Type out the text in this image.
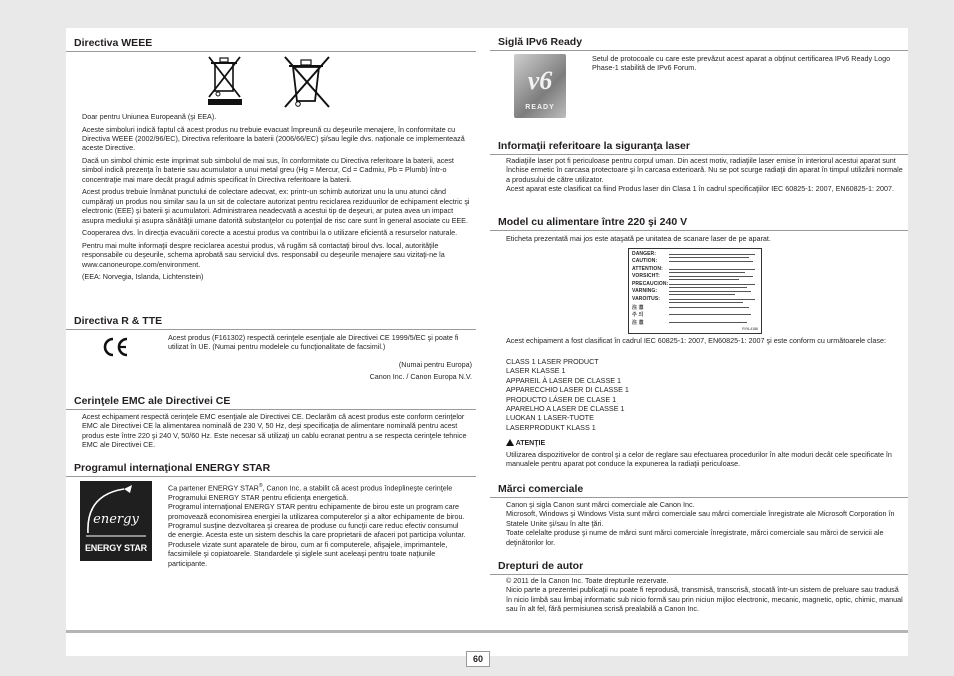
Directiva WEEE

Doar pentru Uniunea Europeană (şi EEA).

Aceste simboluri indică faptul că acest produs nu trebuie evacuat împreună cu deşeurile menajere, în conformitate cu Directiva WEEE (2002/96/EC), Directiva referitoare la baterii (2006/66/EC) şi/sau legile dvs. naţionale ce implementează aceste Directive.

Dacă un simbol chimic este imprimat sub simbolul de mai sus, în conformitate cu Directiva referitoare la baterii, acest simbol indică prezenţa în baterie sau acumulator a unui metal greu (Hg = Mercur, Cd = Cadmiu, Pb = Plumb) într-o concentraţie mai mare decât pragul admis specificat în Directiva referitoare la baterii.

Acest produs trebuie înmânat punctului de colectare adecvat, ex: printr-un schimb autorizat unu la unu atunci când cumpăraţi un produs nou similar sau la un sit de colectare autorizat pentru reciclarea reziduurilor de echipament electric şi electronic (EEE) şi baterii şi acumulatori. Administrarea neadecvată a acestui tip de deşeuri, ar putea avea un impact asupra mediului şi asupra sănătăţii umane datorită substanţelor cu potenţial de risc care sunt în general asociate cu EEE.

Cooperarea dvs. în direcţia evacuării corecte a acestui produs va contribui la o utilizare eficientă a resurselor naturale.

Pentru mai multe informaţii despre reciclarea acestui produs, vă rugăm să contactaţi biroul dvs. local, autorităţile responsabile cu deşeurile, schema aprobată sau serviciul dvs. responsabil cu deşeurile menajere sau vizitaţi-ne la www.canoneurope.com/environment.

(EEA: Norvegia, Islanda, Lichtenstein)

Directiva R & TTE
Acest produs (F161302) respectă cerinţele esenţiale ale Directivei CE 1999/5/EC şi poate fi utilizat în UE. (Numai pentru modelele cu funcţionalitate de facsimil.)
(Numai pentru Europa)
Canon Inc. / Canon Europa N.V.
Cerinţele EMC ale Directivei CE
Acest echipament respectă cerinţele EMC esenţiale ale Directivei CE. Declarăm că acest produs este conform cerinţelor EMC ale Directivei CE la alimentarea nominală de 230 V, 50 Hz, deşi specificaţia de alimentare nominală pentru acest produs este între 220 şi 240 V, 50/60 Hz. Este necesar să utilizaţi un cablu ecranat pentru a se respecta cerinţele tehnice EMC ale Directivei CE.
Programul internaţional ENERGY STAR
energy
ENERGY STAR

Ca partener ENERGY STAR®, Canon Inc. a stabilit că acest produs îndeplineşte cerinţele Programului ENERGY STAR pentru eficienţa energetică.

Programul internaţional ENERGY STAR pentru echipamente de birou este un program care promovează economisirea energiei la utilizarea computerelor şi a altor echipamente de birou.

Programul susţine dezvoltarea şi crearea de produse cu funcţii care reduc efectiv consumul de energie. Acesta este un sistem deschis la care proprietarii de afaceri pot participa voluntar.

Produsele vizate sunt aparatele de birou, cum ar fi computerele, afişajele, imprimantele, facsimilele şi copiatoarele. Standardele şi siglele sunt aceleaşi pentru toate naţiunile participante.

Siglă IPv6 Ready
v6
READY
Setul de protocoale cu care este prevăzut acest aparat a obţinut certificarea IPv6 Ready Logo Phase-1 stabilită de IPv6 Forum.
Informaţii referitoare la siguranţa laser

Radiaţiile laser pot fi periculoase pentru corpul uman. Din acest motiv, radiaţiile laser emise în interiorul acestui aparat sunt închise ermetic în carcasa protectoare şi în carcasa exterioară. Nu se pot scurge radiaţii din aparat în timpul utilizării normale a produsului de către utilizator.

Acest aparat este clasificat ca fiind Produs laser din Clasa 1 în cadrul specificaţiilor IEC 60825-1: 2007, EN60825-1: 2007.

Model cu alimentare între 220 şi 240 V
Eticheta prezentată mai jos este ataşată pe unitatea de scanare laser de pe aparat.
DANGER:
CAUTION:
ATTENTION:
VORSICHT:
PRECAUCION:
VARNING:
VAROITUS:
注 意
주 의
注 意
RY6-4186
Acest echipament a fost clasificat în cadrul IEC 60825-1: 2007, EN60825-1: 2007 şi este conform cu următoarele clase:
CLASS 1 LASER PRODUCT
LASER KLASSE 1
APPAREIL À LASER DE CLASSE 1
APPARECCHIO LASER DI CLASSE 1
PRODUCTO LÁSER DE CLASE 1
APARELHO A LASER DE CLASSE 1
LUOKAN 1 LASER-TUOTE
LASERPRODUKT KLASS 1
ATENŢIE
Utilizarea dispozitivelor de control şi a celor de reglare sau efectuarea procedurilor în alte moduri decât cele specificate în manualele pentru aparat pot conduce la expunerea la radiaţii periculoase.
Mărci comerciale

Canon şi sigla Canon sunt mărci comerciale ale Canon Inc.

Microsoft, Windows şi Windows Vista sunt mărci comerciale sau mărci comerciale înregistrate ale Microsoft Corporation în Statele Unite şi/sau în alte ţări.

Toate celelalte produse şi nume de mărci sunt mărci comerciale înregistrate, mărci comerciale sau mărci de servicii ale deţinătorilor lor.

Drepturi de autor

© 2011 de la Canon Inc. Toate drepturile rezervate.

Nicio parte a prezentei publicaţii nu poate fi reprodusă, transmisă, transcrisă, stocată într-un sistem de preluare sau tradusă în nicio limbă sau limbaj informatic sub nicio formă sau prin niciun mijloc electronic, mecanic, magnetic, optic, chimic, manual sau în alt fel, fără permisiunea scrisă prealabilă a Canon Inc.

60
